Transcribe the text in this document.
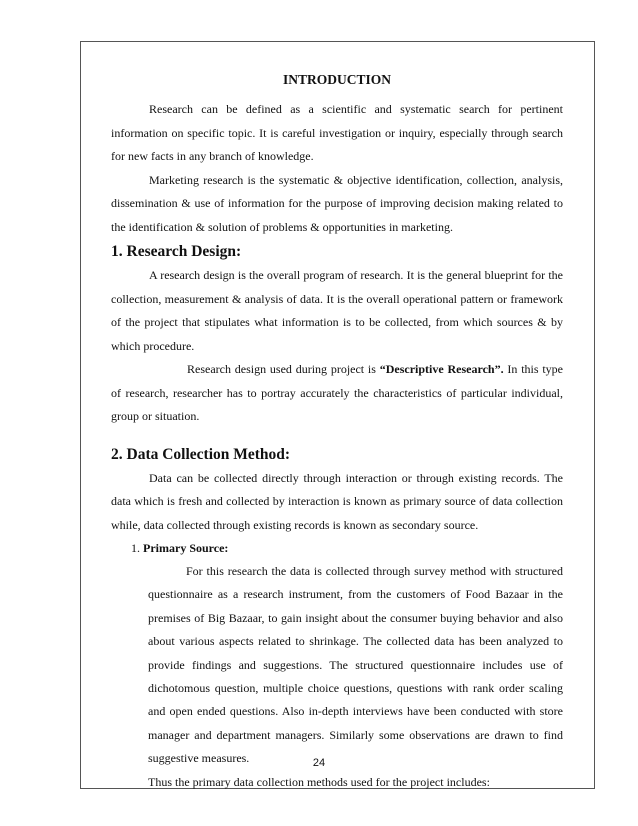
INTRODUCTION

Research can be defined as a scientific and systematic search for pertinent information on specific topic. It is careful investigation or inquiry, especially through search for new facts in any branch of knowledge.

Marketing research is the systematic & objective identification, collection, analysis, dissemination & use of information for the purpose of improving decision making related to the identification & solution of problems & opportunities in marketing.

1. Research Design:

A research design is the overall program of research. It is the general blueprint for the collection, measurement & analysis of data. It is the overall operational pattern or framework of the project that stipulates what information is to be collected, from which sources & by which procedure.

Research design used during project is “Descriptive Research”. In this type of research, researcher has to portray accurately the characteristics of particular individual, group or situation.

2. Data Collection Method:

Data can be collected directly through interaction or through existing records. The data which is fresh and collected by interaction is known as primary source of data collection while, data collected through existing records is known as secondary source.

1. Primary Source:

For this research the data is collected through survey method with structured questionnaire as a research instrument, from the customers of Food Bazaar in the premises of Big Bazaar, to gain insight about the consumer buying behavior and also about various aspects related to shrinkage. The collected data has been analyzed to provide findings and suggestions. The structured questionnaire includes use of dichotomous question, multiple choice questions, questions with rank order scaling and open ended questions. Also in-depth interviews have been conducted with store manager and department managers. Similarly some observations are drawn to find suggestive measures.

Thus the primary data collection methods used for the project includes:

24
